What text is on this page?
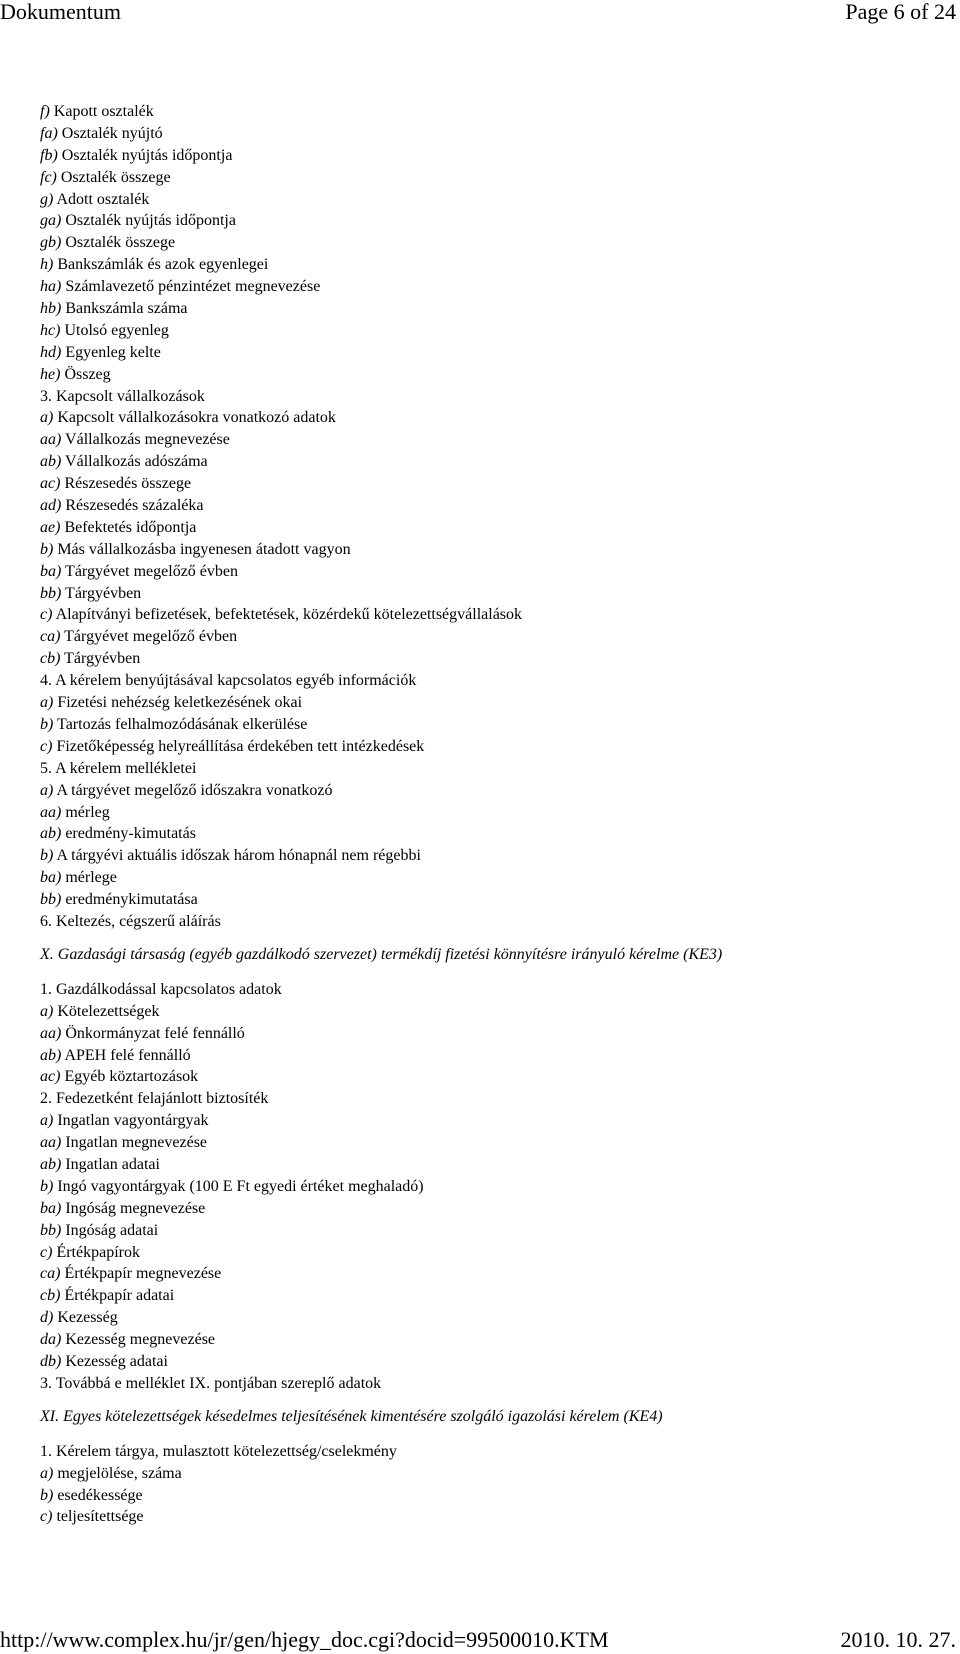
Dokumentum	Page 6 of 24
f) Kapott osztalék
fa) Osztalék nyújtó
fb) Osztalék nyújtás időpontja
fc) Osztalék összege
g) Adott osztalék
ga) Osztalék nyújtás időpontja
gb) Osztalék összege
h) Bankszámlák és azok egyenlegei
ha) Számlavezető pénzintézet megnevezése
hb) Bankszámla száma
hc) Utolsó egyenleg
hd) Egyenleg kelte
he) Összeg
3. Kapcsolt vállalkozások
a) Kapcsolt vállalkozásokra vonatkozó adatok
aa) Vállalkozás megnevezése
ab) Vállalkozás adószáma
ac) Részesedés összege
ad) Részesedés százaléka
ae) Befektetés időpontja
b) Más vállalkozásba ingyenesen átadott vagyon
ba) Tárgyévet megelőző évben
bb) Tárgyévben
c) Alapítványi befizetések, befektetések, közérdekű kötelezettségvállalások
ca) Tárgyévet megelőző évben
cb) Tárgyévben
4. A kérelem benyújtásával kapcsolatos egyéb információk
a) Fizetési nehézség keletkezésének okai
b) Tartozás felhalmozódásának elkerülése
c) Fizetőképesség helyreállítása érdekében tett intézkedések
5. A kérelem mellékletei
a) A tárgyévet megelőző időszakra vonatkozó
aa) mérleg
ab) eredmény-kimutatás
b) A tárgyévi aktuális időszak három hónapnál nem régebbi
ba) mérlege
bb) eredménykimutatása
6. Keltezés, cégszerű aláírás
X. Gazdasági társaság (egyéb gazdálkodó szervezet) termékdíj fizetési könnyítésre irányuló kérelme (KE3)
1. Gazdálkodással kapcsolatos adatok
a) Kötelezettségek
aa) Önkormányzat felé fennálló
ab) APEH felé fennálló
ac) Egyéb köztartozások
2. Fedezetként felajánlott biztosíték
a) Ingatlan vagyontárgyak
aa) Ingatlan megnevezése
ab) Ingatlan adatai
b) Ingó vagyontárgyak (100 E Ft egyedi értéket meghaladó)
ba) Ingóság megnevezése
bb) Ingóság adatai
c) Értékpapírok
ca) Értékpapír megnevezése
cb) Értékpapír adatai
d) Kezesség
da) Kezesség megnevezése
db) Kezesség adatai
3. Továbbá e melléklet IX. pontjában szereplő adatok
XI. Egyes kötelezettségek késedelmes teljesítésének kimentésére szolgáló igazolási kérelem (KE4)
1. Kérelem tárgya, mulasztott kötelezettség/cselekmény
a) megjelölése, száma
b) esedékessége
c) teljesítettsége
http://www.complex.hu/jr/gen/hjegy_doc.cgi?docid=99500010.KTM	2010. 10. 27.
